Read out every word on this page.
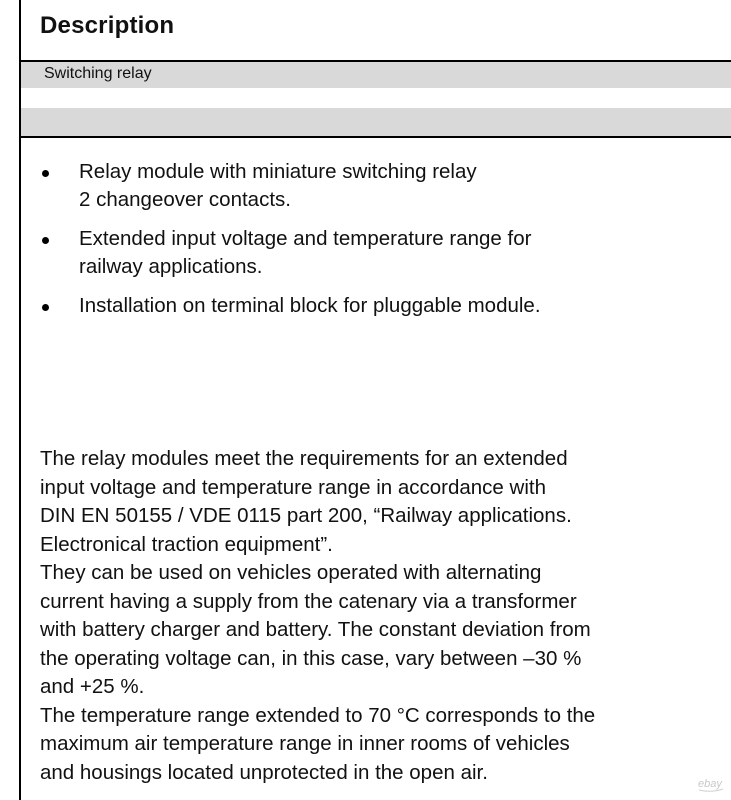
Description
Switching relay
Relay module with miniature switching relay
2 changeover contacts.
Extended input voltage and temperature range for
railway applications.
Installation on terminal block for pluggable module.

The relay modules meet the requirements for an extended
input voltage and temperature range in accordance with
DIN EN 50155 / VDE 0115 part 200, “Railway applications.
Electronical traction equipment”.
They can be used on vehicles operated with alternating
current having a supply from the catenary via a transformer
with battery charger and battery. The constant deviation from
the operating voltage can, in this case, vary between –30 %
and +25 %.
The temperature range extended to 70 °C corresponds to the
maximum air temperature range in inner rooms of vehicles
and housings located unprotected in the open air.

ebay
